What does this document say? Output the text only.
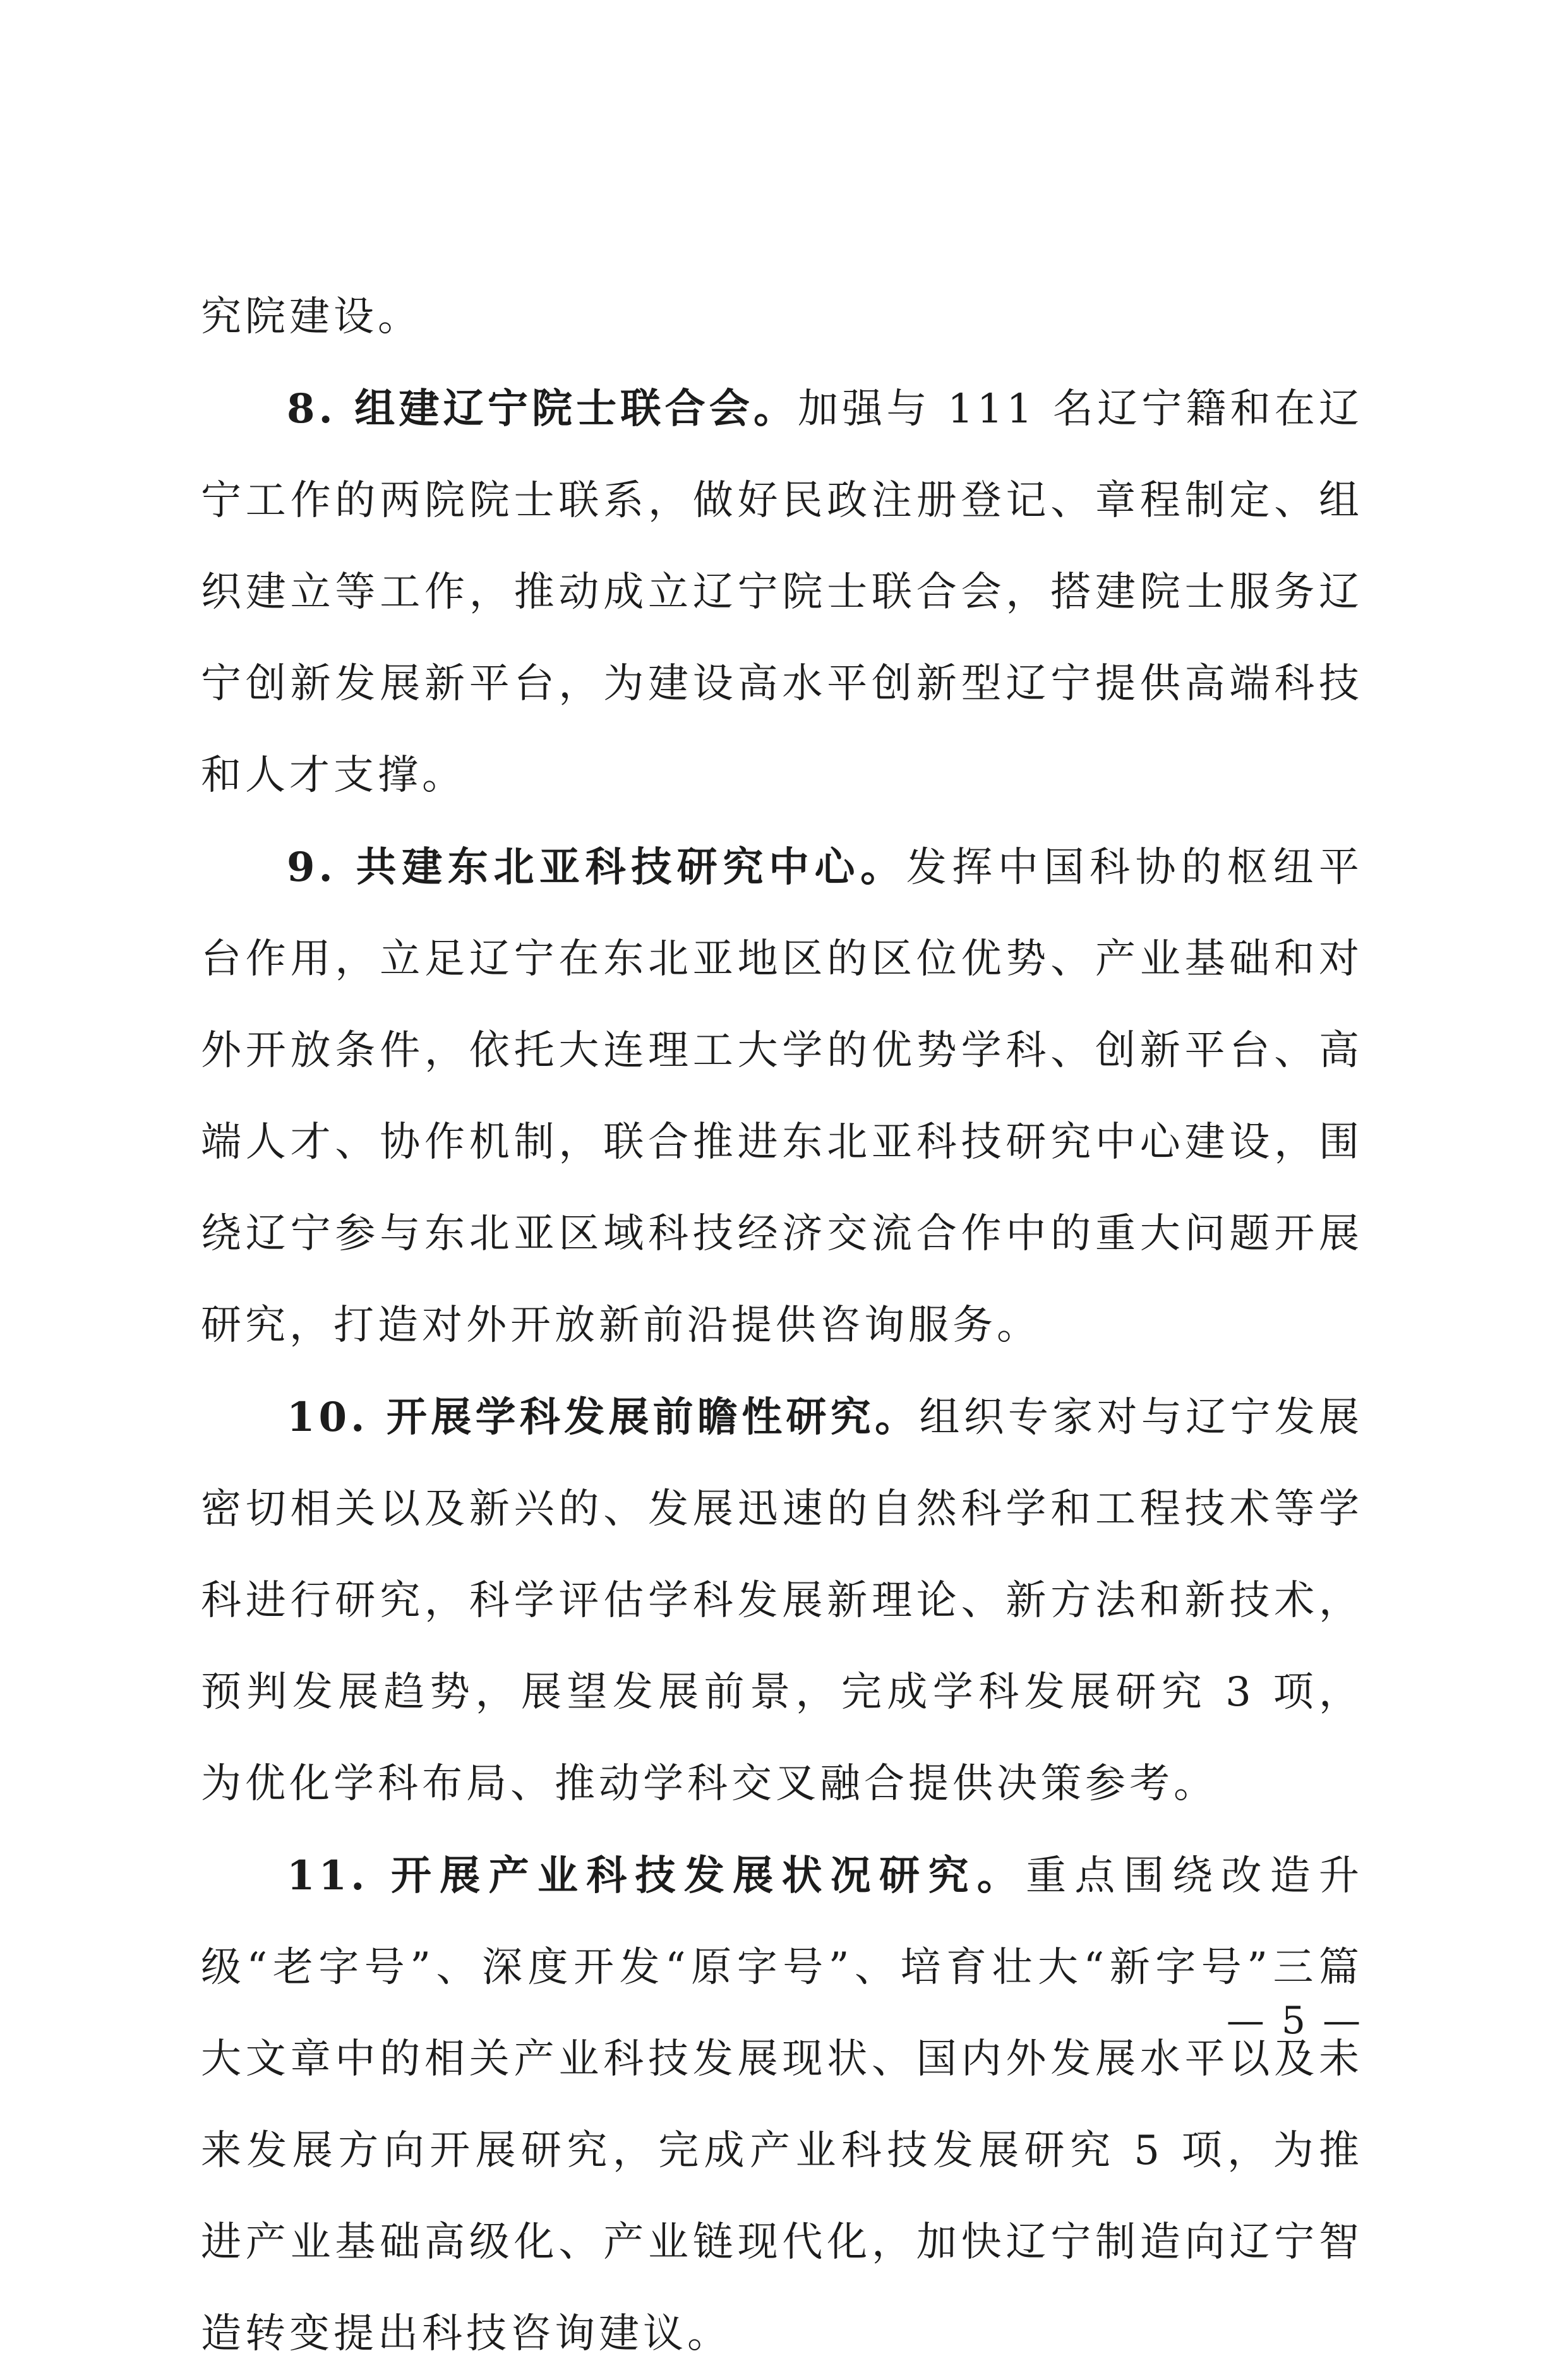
究院建设。

8. 组建辽宁院士联合会。加强与 111 名辽宁籍和在辽宁工作的两院院士联系，做好民政注册登记、章程制定、组织建立等工作，推动成立辽宁院士联合会，搭建院士服务辽宁创新发展新平台，为建设高水平创新型辽宁提供高端科技和人才支撑。

9. 共建东北亚科技研究中心。发挥中国科协的枢纽平台作用，立足辽宁在东北亚地区的区位优势、产业基础和对外开放条件，依托大连理工大学的优势学科、创新平台、高端人才、协作机制，联合推进东北亚科技研究中心建设，围绕辽宁参与东北亚区域科技经济交流合作中的重大问题开展研究，打造对外开放新前沿提供咨询服务。

10. 开展学科发展前瞻性研究。组织专家对与辽宁发展密切相关以及新兴的、发展迅速的自然科学和工程技术等学科进行研究，科学评估学科发展新理论、新方法和新技术，预判发展趋势，展望发展前景，完成学科发展研究 3 项，为优化学科布局、推动学科交叉融合提供决策参考。

11. 开展产业科技发展状况研究。重点围绕改造升级“老字号”、深度开发“原字号”、培育壮大“新字号”三篇大文章中的相关产业科技发展现状、国内外发展水平以及未来发展方向开展研究，完成产业科技发展研究 5 项，为推进产业基础高级化、产业链现代化，加快辽宁制造向辽宁智造转变提出科技咨询建议。

— 5 —
